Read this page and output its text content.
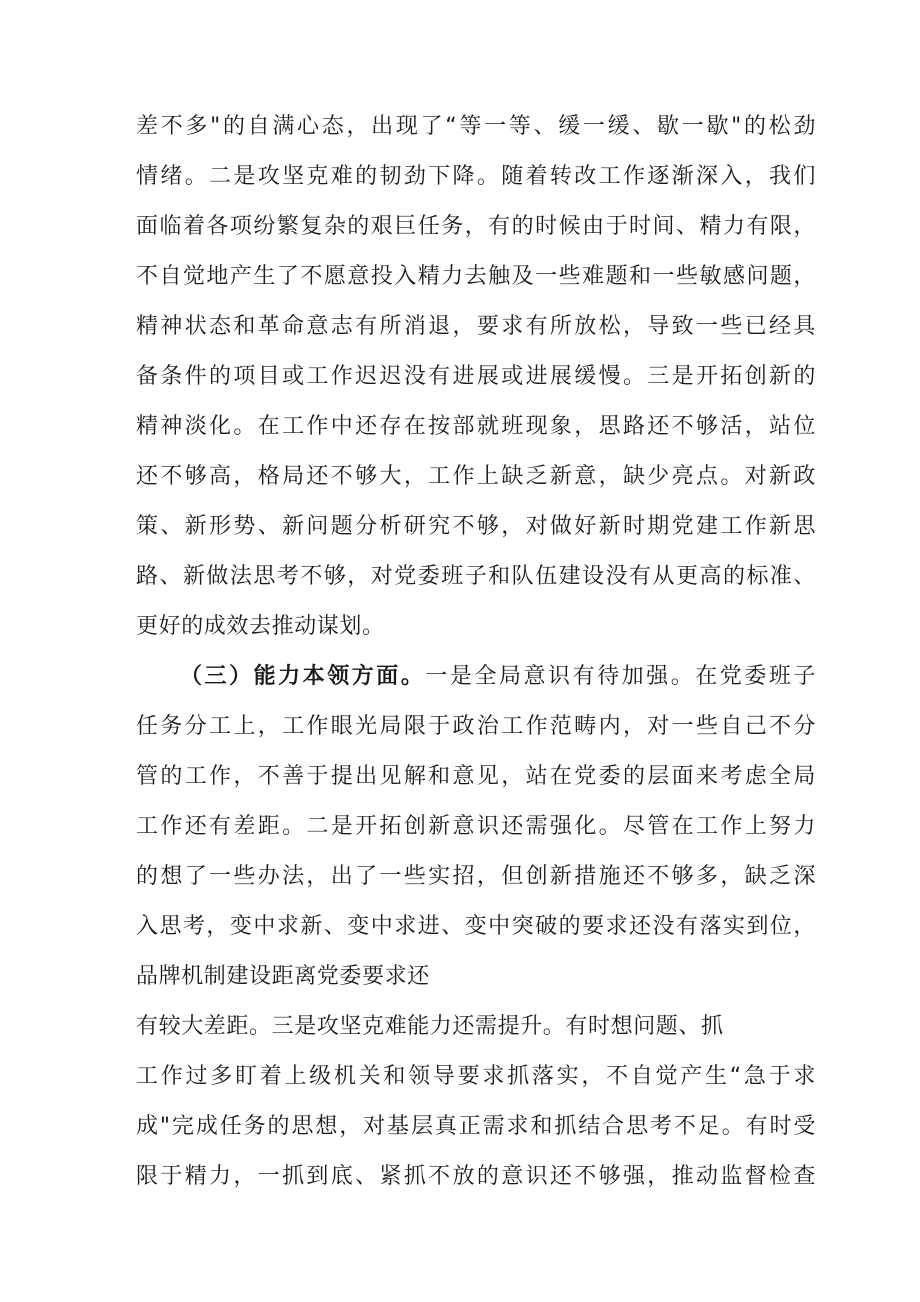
差不多"的自满心态，出现了“等一等、缓一缓、歇一歇"的松劲
情绪。二是攻坚克难的韧劲下降。随着转改工作逐渐深入，我们
面临着各项纷繁复杂的艰巨任务，有的时候由于时间、精力有限，
不自觉地产生了不愿意投入精力去触及一些难题和一些敏感问题，
精神状态和革命意志有所消退，要求有所放松，导致一些已经具
备条件的项目或工作迟迟没有进展或进展缓慢。三是开拓创新的
精神淡化。在工作中还存在按部就班现象，思路还不够活，站位
还不够高，格局还不够大，工作上缺乏新意，缺少亮点。对新政
策、新形势、新问题分析研究不够，对做好新时期党建工作新思
路、新做法思考不够，对党委班子和队伍建设没有从更高的标准、
更好的成效去推动谋划。
（三）能力本领方面。一是全局意识有待加强。在党委班子
任务分工上，工作眼光局限于政治工作范畴内，对一些自己不分
管的工作，不善于提出见解和意见，站在党委的层面来考虑全局
工作还有差距。二是开拓创新意识还需强化。尽管在工作上努力
的想了一些办法，出了一些实招，但创新措施还不够多，缺乏深
入思考，变中求新、变中求进、变中突破的要求还没有落实到位，
品牌机制建设距离党委要求还
有较大差距。三是攻坚克难能力还需提升。有时想问题、抓
工作过多盯着上级机关和领导要求抓落实，不自觉产生“急于求
成"完成任务的思想，对基层真正需求和抓结合思考不足。有时受
限于精力，一抓到底、紧抓不放的意识还不够强，推动监督检查
